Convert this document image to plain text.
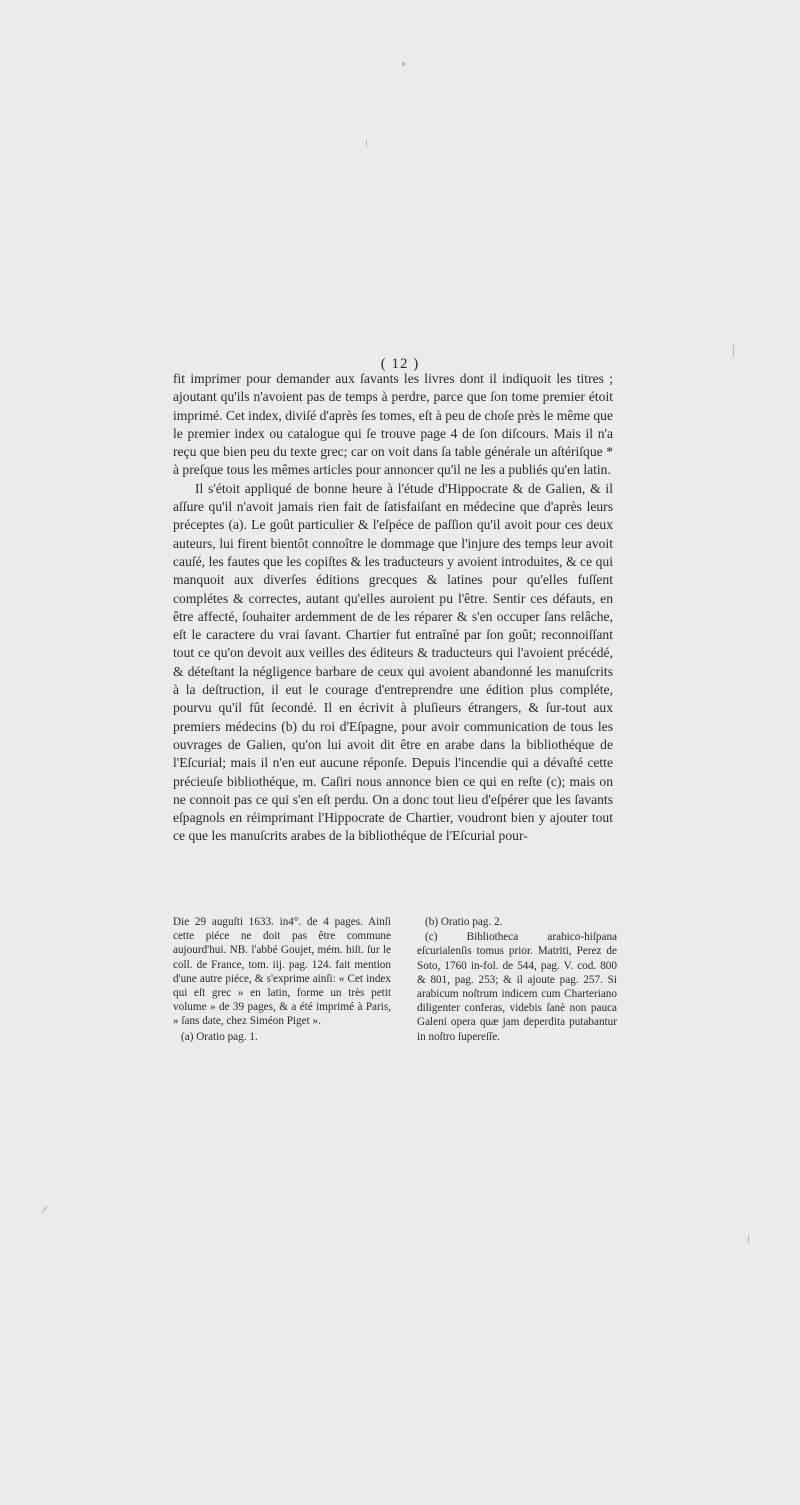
( 12 )

fit imprimer pour demander aux ſavants les livres dont il indiquoit les titres ; ajoutant qu'ils n'avoient pas de temps à perdre, parce que ſon tome premier étoit imprimé. Cet index, diviſé d'après ſes tomes, eſt à peu de choſe près le même que le premier index ou catalogue qui ſe trouve page 4 de ſon diſcours. Mais il n'a reçu que bien peu du texte grec; car on voit dans ſa table générale un aſtériſque * à preſque tous les mêmes articles pour annoncer qu'il ne les a publiés qu'en latin.

Il s'étoit appliqué de bonne heure à l'étude d'Hippocrate & de Galien, & il aſſure qu'il n'avoit jamais rien fait de ſatisfaiſant en médecine que d'après leurs préceptes (a). Le goût particulier & l'eſpéce de paſſion qu'il avoit pour ces deux auteurs, lui firent bientôt connoître le dommage que l'injure des temps leur avoit cauſé, les fautes que les copiſtes & les traducteurs y avoient introduites, & ce qui manquoit aux diverſes éditions grecques & latines pour qu'elles fuſſent complétes & correctes, autant qu'elles auroient pu l'être. Sentir ces défauts, en être affecté, ſouhaiter ardemment de de les réparer & s'en occuper ſans relâche, eſt le caractere du vrai ſavant. Chartier fut entraîné par ſon goût; reconnoiſſant tout ce qu'on devoit aux veilles des éditeurs & traducteurs qui l'avoient précédé, & déteſtant la négligence barbare de ceux qui avoient abandonné les manuſcrits à la deſtruction, il eut le courage d'entreprendre une édition plus compléte, pourvu qu'il fût ſecondé. Il en écrivit à pluſieurs étrangers, & ſur-tout aux premiers médecins (b) du roi d'Eſpagne, pour avoir communication de tous les ouvrages de Galien, qu'on lui avoit dit être en arabe dans la bibliothéque de l'Eſcurial; mais il n'en eut aucune réponſe. Depuis l'incendie qui a dévaſté cette précieuſe bibliothéque, m. Caſiri nous annonce bien ce qui en reſte (c); mais on ne connoit pas ce qui s'en eſt perdu. On a donc tout lieu d'eſpérer que les ſavants eſpagnols en réimprimant l'Hippocrate de Chartier, voudront bien y ajouter tout ce que les manuſcrits arabes de la bibliothéque de l'Eſcurial pour-

Die 29 auguſti 1633. in4°. de 4 pages. Ainſi cette piéce ne doit pas être commune aujourd'hui. NB. l'abbé Goujet, mém. hiſt. ſur le coll. de France, tom. iij. pag. 124. fait mention d'une autre piéce, & s'exprime ainſi: « Cet index qui eſt grec » en latin, forme un très petit volume » de 39 pages, & a été imprimé à Paris, » ſans date, chez Siméon Piget ».

(a) Oratio pag. 1.

(b) Oratio pag. 2.

(c) Bibliotheca arabico-hiſpana eſcurialenſis tomus prior. Matriti, Perez de Soto, 1760 in-fol. de 544, pag. V. cod. 800 & 801, pag. 253; & il ajoute pag. 257. Si arabicum noſtrum indicem cum Charteriano diligenter conferas, videbis ſanè non pauca Galeni opera quæ jam deperdita putabantur in noſtro ſupereſſe.
